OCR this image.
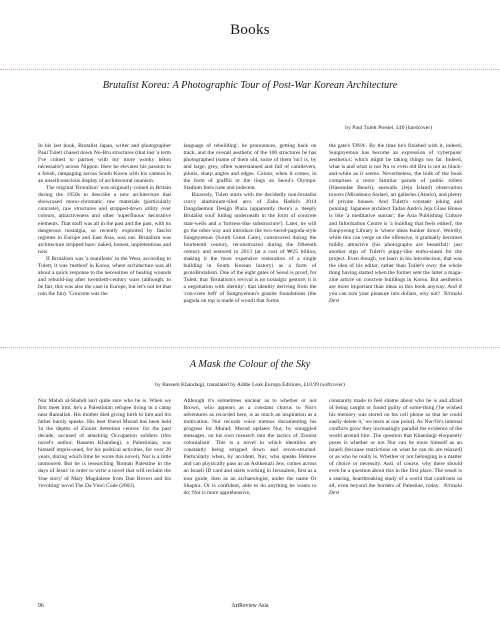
Books
Brutalist Korea: A Photographic Tour of Post-War Korean Architecture
by Paul Tulett Prestel, £40 (hardcover)

In his last book, Brutalist Japan, writer and photographer Paul Tulett chased down Nu-Bru structures (that last 'a term I've coined to partner with my more wonky bēton nécessaire') across Nippon. Here he elevates his passion to a fetish, rampaging across South Korea with his camera in an unselfconscious display of architectural onanism.

The original 'Brutalism' was originally coined in Britain during the 1950s to describe a new architecture that showcased mono-chromatic raw materials (particularly concrete), raw structures and stripped-down utility over colours, attractiveness and other 'superfluous' decorative elements. That stuff was all in the past and the past, with its dangerous nostalgia, so recently exploited by fascist regimes in Europe and East Asia, was out. Brutalism was architecture stripped bare: naked, honest, unpretentious and now.

If Brutalism was 'a manifesto' in the West, according to Tulett, it was 'method' in Korea, where architecture was all about a quick response to the necessities of healing wounds and rebuild-ing after twentieth-century wars (although, to be fair, this was also the case in Europe, but let's not let that ruin the fun). 'Concrete was the

language of rebuilding', he pronounces, getting back on track, and the overall aesthetic of the 100 structures he has photographed (some of them old, some of them 'nu') is, by and large, grey, often waterstained and full of cantilevers, pilotis, sharp angles and edges. Colour, when it comes, in the form of graffiti or the rings on Seoul's Olympic Stadium feels rude and indecent.

Bizarrely, Tulett starts with the decidedly non-brutalist curvy aluminium-tiled arcs of Zaha Hadid's 2014 Dongdaemun Design Plaza (apparently there's a 'deeply Brutalist soul' hiding underneath in the form of concrete stair-wells and a 'fortress-like substructure'). Later, he will go the other way and introduce the two-tiered-pagoda-style Sungnyemun (South Great Gate), constructed during the fourteenth century, reconstructed during the fifteenth century and restored in 2013 (at a cost of ₩25 billion, making it the most expensive restoration of a single building in South Korean history) as a form of protoBrutalism. One of the eight gates of Seoul is proof, for Tulett, that 'Brutalism's revival is no nostalgic gesture; it is a negotiation with identity'; that identity deriving from the 'con-crete heft' of Sungnyemun's granite foundations (the pagoda on top is made of wood) that forms

the gate's 'DNA'. By the time he's finished with it, indeed, Sungnyemun has become an expression of 'cyberpunk' aesthetics; which might be taking things too far. Indeed, what is and what is not Nu or even old Bru is not as black-and-white as it seems. Nevertheless, the bulk of the book comprises a more familiar parade of public toilets (Haeundae Beach), seawalls (Jeju Island) observation towers (Miradouro Sodae), art galleries (Atario), and plenty of private houses. And Tulett's constant joking and punning: Japanese architect Tadao Ando's Jeju Glass House is like 'a meditative sunrau'; the Asia Publishing Culture and Information Centre is 'a building that feels edited'; the Eunpyeong Library is 'where ideas bunker down'. Weirdly, while this can verge on the offensive, it gradually becomes mildly attractive (his photographs are beautiful): just another sign of Tulett's puppy-like enthu-siasm for the project. Even though, we learn in his introduction, that was the idea of his editor, rather than Tullet's own: the whole thing having started when the former sent the latter a maga-zine article on concrete buildings in Korea. But aesthetics are more important than ideas in this book anyway. And if you can turn your pleasure into dollars, why not? Nirmala Devi

A Mask the Colour of the Sky
by Bassem Khandaqji, translated by Addie Leak Europa Editions, £10.99 (softcover)

Nur Mahdi al-Shahdi isn't quite sure who he is. When we first meet him, he's a Palestinian refugee living in a camp near Ramallah. His mother died giving birth to him and his father barely speaks. His best friend Murad has been held 'in the depths of Zionist detention centres' for the past decade, accused of attacking Occupation soldiers (this novel's author, Bassem Khandaqji, a Palestinian, was himself impris-oned, for his political activities, for over 20 years, during which time he wrote this novel). Nur is a little unmoored. But he is researching 'Roman Palestine in the days of Jesus' in order to write a novel that will reclaim the 'true story' of Mary Magdalene from Dan Brown and his 'revolting' novel The Da Vinci Code (2003).

Although it's sometimes unclear as to whether or not Brown, who appears as a constant chorus to Nur's adventures as recorded here, is as much an inspiration as a motivation. Nur records voice memos documenting his progress for Murad; Murad updates Nur, by smuggled messages, on his own research into the tactics of 'Zionist colonialism'. This is a novel in which identities are constantly being stripped down and recon-structed. Particularly when, by accident, Nur, who speaks Hebrew and can physically pass as an Ashkenazi Jew, comes across an Israeli ID card and starts working in Jerusalem, first as a tour guide, then as an archaeologist, under the name Or Shapira. Or is confident, able to do anything he wants to do; Nur is more apprehensive,

constantly made to feel shame about who he is and afraid of being caught or found guilty of some-thing ('he wished his memory was stored on his cell phone so that he could easily delete it,' we learn at one point). As Nur/Or's internal conflicts grow they increasingly parallel the evidence of the world around him. The question that Khandaqji eloquently poses is whether or not Nur can be more himself as an Israeli (because restrictions on what he can do are relaxed) or as who he really is. Whether or not belonging is a matter of choice or necessity. And, of course, why there should even be a question about this in the first place. The result is a searing, heartbreaking study of a world that confronts us all, even beyond the borders of Palestine, today. Nirmala Devi

96	ArtReview Asia
